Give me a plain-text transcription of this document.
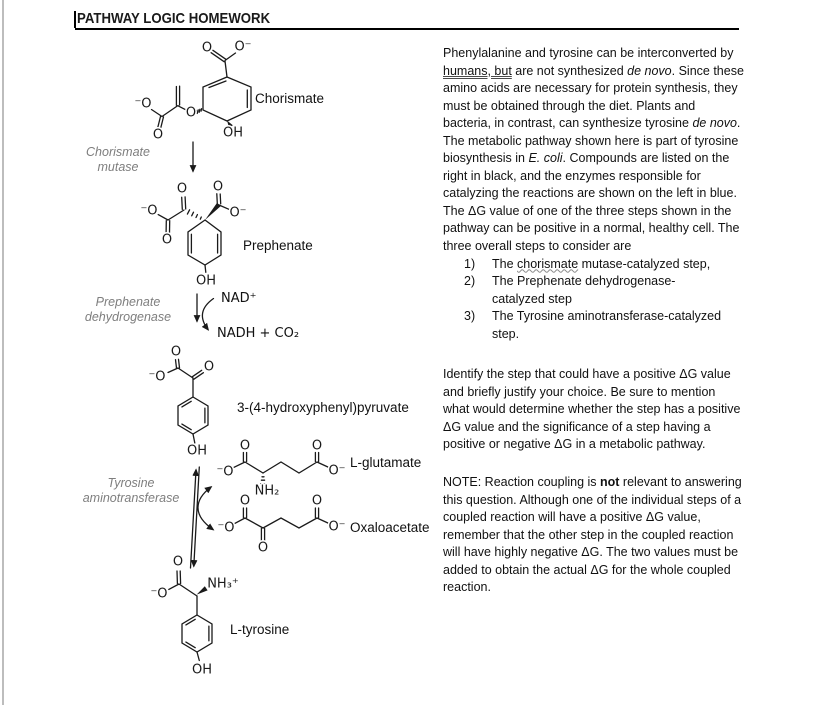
PATHWAY LOGIC HOMEWORK
O O⁻
⁻O
O
O
OH
O
O⁻
O
⁻O
O
OH
O
⁻O
O
OH
⁻O
O
NH₂
O
O⁻
⁻O
O
O
O
O⁻
O
⁻O
NH₃⁺
OH
Chorismate
Prephenate
3-(4-hydroxyphenyl)pyruvate
L-glutamate
Oxaloacetate
L-tyrosine
Chorismate
mutase
Prephenate
dehydrogenase
Tyrosine
aminotransferase
NAD⁺
NADH + CO₂

Phenylalanine and tyrosine can be interconverted by humans, but are not synthesized de novo. Since these amino acids are necessary for protein synthesis, they must be obtained through the diet. Plants and bacteria, in contrast, can synthesize tyrosine de novo. The metabolic pathway shown here is part of tyrosine biosynthesis in E. coli. Compounds are listed on the right in black, and the enzymes responsible for catalyzing the reactions are shown on the left in blue. The ΔG value of one of the three steps shown in the pathway can be positive in a normal, healthy cell. The three overall steps to consider are

1)	The chorismate mutase-catalyzed step,
2)	The Prephenate dehydrogenase-
catalyzed step
3)	The Tyrosine aminotransferase-catalyzed
step.

Identify the step that could have a positive ΔG value and briefly justify your choice. Be sure to mention what would determine whether the step has a positive ΔG value and the significance of a step having a positive or negative ΔG in a metabolic pathway.

NOTE: Reaction coupling is not relevant to answering this question. Although one of the individual steps of a coupled reaction will have a positive ΔG value, remember that the other step in the coupled reaction will have highly negative ΔG. The two values must be added to obtain the actual ΔG for the whole coupled reaction.
